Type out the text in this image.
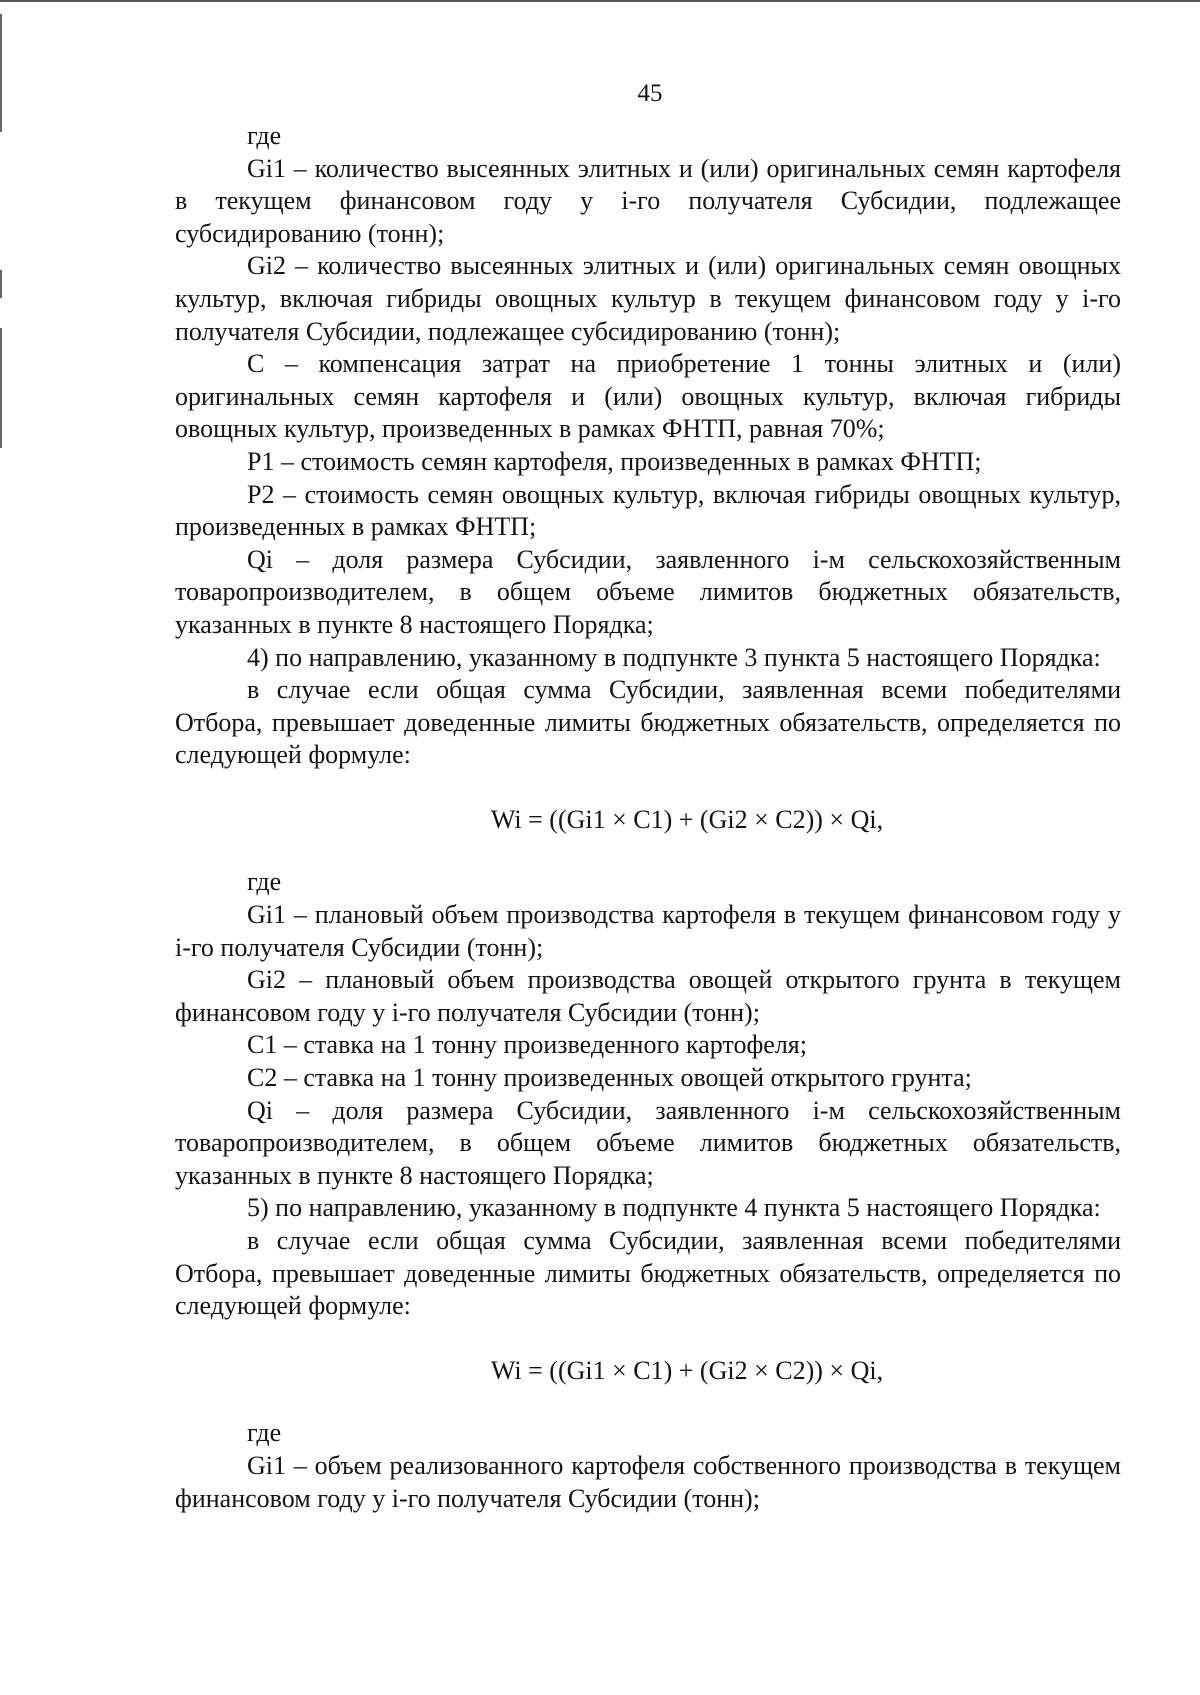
45

где

Gi1 – количество высеянных элитных и (или) оригинальных семян картофеля в текущем финансовом году у i-го получателя Субсидии, подлежащее субсидированию (тонн);

Gi2 – количество высеянных элитных и (или) оригинальных семян овощных культур, включая гибриды овощных культур в текущем финансовом году у i-го получателя Субсидии, подлежащее субсидированию (тонн);

С – компенсация затрат на приобретение 1 тонны элитных и (или) оригинальных семян картофеля и (или) овощных культур, включая гибриды овощных культур, произведенных в рамках ФНТП, равная 70%;

P1 – стоимость семян картофеля, произведенных в рамках ФНТП;

P2 – стоимость семян овощных культур, включая гибриды овощных культур, произведенных в рамках ФНТП;

Qi – доля размера Субсидии, заявленного i-м сельскохозяйственным товаропроизводителем, в общем объеме лимитов бюджетных обязательств, указанных в пункте 8 настоящего Порядка;

4) по направлению, указанному в подпункте 3 пункта 5 настоящего Порядка:

в случае если общая сумма Субсидии, заявленная всеми победителями Отбора, превышает доведенные лимиты бюджетных обязательств, определяется по следующей формуле:

Wi = ((Gi1 × C1) + (Gi2 × C2)) × Qi,

где

Gi1 – плановый объем производства картофеля в текущем финансовом году у i-го получателя Субсидии (тонн);

Gi2 – плановый объем производства овощей открытого грунта в текущем финансовом году у i-го получателя Субсидии (тонн);

C1 – ставка на 1 тонну произведенного картофеля;

C2 – ставка на 1 тонну произведенных овощей открытого грунта;

Qi – доля размера Субсидии, заявленного i-м сельскохозяйственным товаропроизводителем, в общем объеме лимитов бюджетных обязательств, указанных в пункте 8 настоящего Порядка;

5) по направлению, указанному в подпункте 4 пункта 5 настоящего Порядка:

в случае если общая сумма Субсидии, заявленная всеми победителями Отбора, превышает доведенные лимиты бюджетных обязательств, определяется по следующей формуле:

Wi = ((Gi1 × C1) + (Gi2 × C2)) × Qi,

где

Gi1 – объем реализованного картофеля собственного производства в текущем финансовом году у i-го получателя Субсидии (тонн);
